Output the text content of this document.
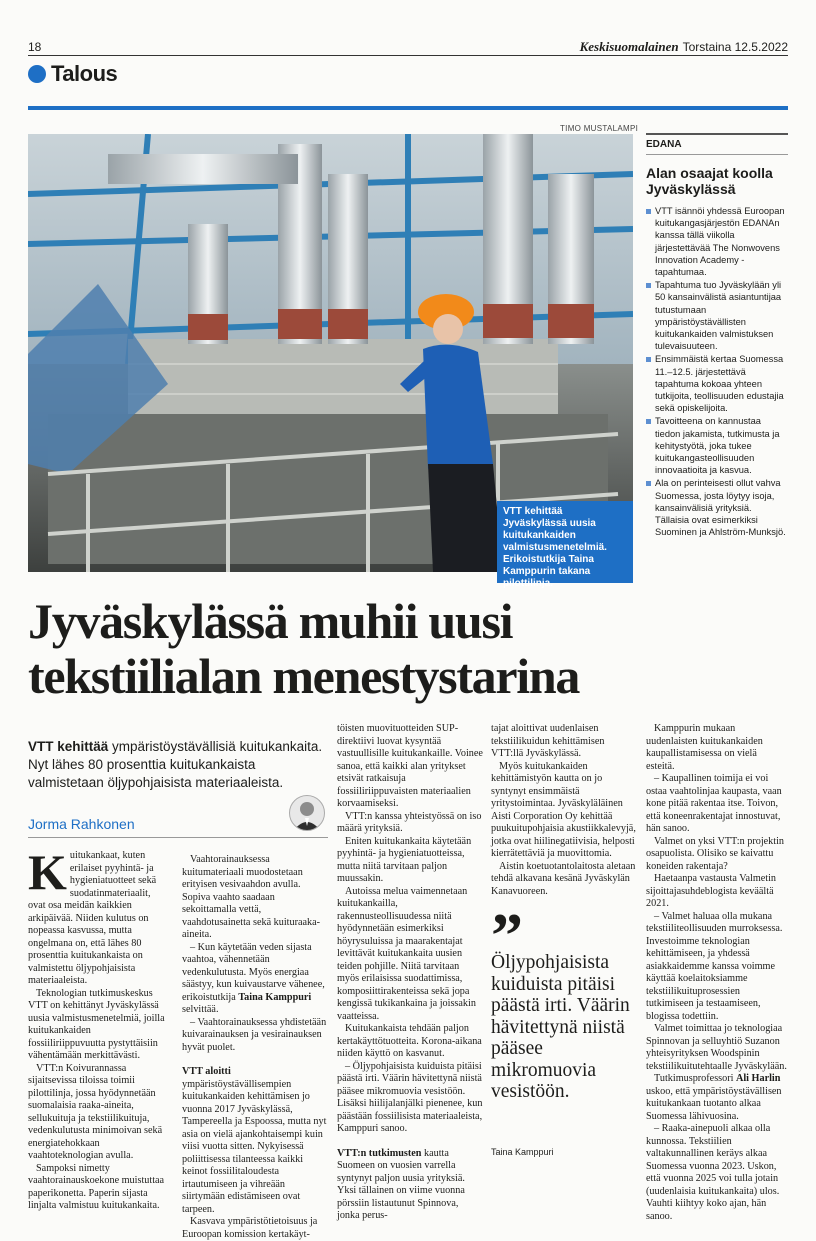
18	Keskisuomalainen Torstaina 12.5.2022
Talous
TIMO MUSTALAMPI
VTT kehittää Jyväskylässä uusia kuitukankaiden valmistusmenetelmiä. Erikoistutkija Taina Kamppurin takana pilottilinja.
EDANA
Alan osaajat koolla Jyväskylässä
VTT isännöi yhdessä Euroopan kuitukangasjärjestön EDANAn kanssa tällä viikolla järjestettävää The Nonwovens Innovation Academy -tapahtumaa.
Tapahtuma tuo Jyväskylään yli 50 kansainvälistä asiantuntijaa tutustumaan ympäristöystävällisten kuitukankaiden valmistuksen tulevaisuuteen.
Ensimmäistä kertaa Suomessa 11.–12.5. järjestettävä tapahtuma kokoaa yhteen tutkijoita, teollisuuden edustajia sekä opiskelijoita.
Tavoitteena on kannustaa tiedon jakamista, tutkimusta ja kehitystyötä, joka tukee kuitukangasteollisuuden innovaatioita ja kasvua.
Ala on perinteisesti ollut vahva Suomessa, josta löytyy isoja, kansainvälisiä yrityksiä. Tällaisia ovat esimerkiksi Suominen ja Ahlström-Munksjö.
Jyväskylässä muhii uusi
tekstiilialan menestystarina
VTT kehittää ympäristöystävällisiä kuitukankaita. Nyt lähes 80 prosenttia kuitukankaista valmistetaan öljypohjaisista materiaaleista.
Jorma Rahkonen

Kuitukankaat, kuten erilaiset pyyhintä- ja hygieniatuotteet sekä suodatinmateriaalit, ovat osa meidän kaikkien arkipäivää. Niiden kulutus on nopeassa kasvussa, mutta ongelmana on, että lähes 80 prosenttia kuitukankaista on valmistettu öljypohjaisista materiaaleista.

Teknologian tutkimuskeskus VTT on kehittänyt Jyväskylässä uusia valmistusmenetelmiä, joilla kuitukankaiden fossiiliriippuvuutta pystyttäisiin vähentämään merkittävästi.

VTT:n Koivurannassa sijaitsevissa tiloissa toimii pilottilinja, jossa hyödynnetään suomalaisia raaka-aineita, sellukuituja ja tekstiilikuituja, vedenkulutusta minimoivan sekä energiatehokkaan vaahtoteknologian avulla.

Sampoksi nimetty vaahtorainauskoekone muistuttaa paperikonetta. Paperin sijasta linjalta valmistuu kuitukankaita.

Vaahtorainauksessa kuitumateriaali muodostetaan erityisen vesivaahdon avulla. Sopiva vaahto saadaan sekoittamalla vettä, vaahdotusainetta sekä kuituraaka-aineita.

– Kun käytetään veden sijasta vaahtoa, vähennetään vedenkulutusta. Myös energiaa säästyy, kun kuivaustarve vähenee, erikoistutkija Taina Kamppuri selvittää.

– Vaahtorainauksessa yhdistetään kuivarainauksen ja vesirainauksen hyvät puolet.

VTT aloitti ympäristöystävällisempien kuitukankaiden kehittämisen jo vuonna 2017 Jyväskylässä, Tampereella ja Espoossa, mutta nyt asia on vielä ajankohtaisempi kuin viisi vuotta sitten. Nykyisessä poliittisessa tilanteessa kaikki keinot fossiilitaloudesta irtautumiseen ja vihreään siirtymään edistämiseen ovat tarpeen.

Kasvava ympäristötietoisuus ja Euroopan komission kertakäyt-

töisten muovituotteiden SUP-direktiivi luovat kysyntää vastuullisille kuitukankaille. Voinee sanoa, että kaikki alan yritykset etsivät ratkaisuja fossiiliriippuvaisten materiaalien korvaamiseksi.

VTT:n kanssa yhteistyössä on iso määrä yrityksiä.

Eniten kuitukankaita käytetään pyyhintä- ja hygieniatuotteissa, mutta niitä tarvitaan paljon muussakin.

Autoissa melua vaimennetaan kuitukankailla, rakennusteollisuudessa niitä hyödynnetään esimerkiksi höyrysuluissa ja maarakentajat levittävät kuitukankaita uusien teiden pohjille. Niitä tarvitaan myös erilaisissa suodattimissa, komposiittirakenteissa sekä jopa kengissä tukikankaina ja joissakin vaatteissa.

Kuitukankaista tehdään paljon kertakäyttötuotteita. Korona-aikana niiden käyttö on kasvanut.

– Öljypohjaisista kuiduista pitäisi päästä irti. Väärin hävitettynä niistä pääsee mikromuovia vesistöön. Lisäksi hiilijalanjälki pienenee, kun päästään fossiilisista materiaaleista, Kamppuri sanoo.

VTT:n tutkimusten kautta Suomeen on vuosien varrella syntynyt paljon uusia yrityksiä. Yksi tällainen on viime vuonna pörssiin listautunut Spinnova, jonka perus-

tajat aloittivat uudenlaisen tekstiilikuidun kehittämisen VTT:llä Jyväskylässä.

Myös kuitukankaiden kehittämistyön kautta on jo syntynyt ensimmäistä yritystoimintaa. Jyväskyläläinen Aisti Corporation Oy kehittää puukuitupohjaisia akustiikkalevyjä, jotka ovat hiilinegatiivisia, helposti kierrätettäviä ja muovittomia.

Aistin koetuotantolaitosta aletaan tehdä alkavana kesänä Jyväskylän Kanavuoreen.

”
Öljypohjaisista kuiduista pitäisi päästä irti. Väärin hävitettynä niistä pääsee mikromuovia vesistöön.
Taina Kamppuri

Kamppurin mukaan uudenlaisten kuitukankaiden kaupallistamisessa on vielä esteitä.

– Kaupallinen toimija ei voi ostaa vaahtolinjaa kaupasta, vaan kone pitää rakentaa itse. Toivon, että koneenrakentajat innostuvat, hän sanoo.

Valmet on yksi VTT:n projektin osapuolista. Olisiko se kaivattu koneiden rakentaja?

Haetaanpa vastausta Valmetin sijoittajasuhdeblogista keväältä 2021.

– Valmet haluaa olla mukana tekstiiliteollisuuden murroksessa. Investoimme teknologian kehittämiseen, ja yhdessä asiakkaidemme kanssa voimme käyttää koelaitoksiamme tekstiilikuituprosessien tutkimiseen ja testaamiseen, blogissa todettiin.

Valmet toimittaa jo teknologiaa Spinnovan ja selluyhtiö Suzanon yhteisyrityksen Woodspinin tekstiilikuitutehtaalle Jyväskylään.

Tutkimusprofessori Ali Harlin uskoo, että ympäristöystävällisen kuitukankaan tuotanto alkaa Suomessa lähivuosina.

– Raaka-ainepuoli alkaa olla kunnossa. Tekstiilien valtakunnallinen keräys alkaa Suomessa vuonna 2023. Uskon, että vuonna 2025 voi tulla jotain (uudenlaisia kuitukankaita) ulos. Vauhti kiihtyy koko ajan, hän sanoo.
